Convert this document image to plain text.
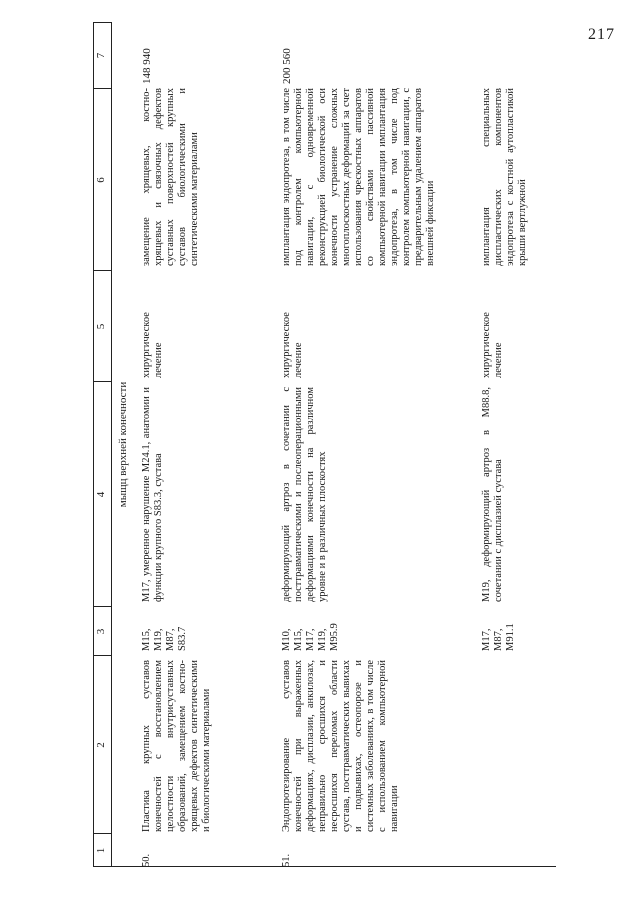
217
1
2
3
4
5
6
7
мыщц верхней конечности
50.
Пластика крупных суставов конечностей с восстановлением целостности внутрисуставных образований, замещением костно-хрящевых дефектов синтетическими и биологическими материалами
M15, M19, M87, S83.7
M17, умеренное нарушение M24.1, анатомии и функции крупного S83.3, сустава
хирургическое лечение
замещение хрящевых, костно-хрящевых и связочных дефектов суставных поверхностей крупных суставов биологическими и синтетическими материалами
148 940
51.
Эндопротезирование суставов конечностей при выраженных деформациях, дисплазии, анкилозах, неправильно сросшихся и несросшихся переломах области сустава, посттравматических вывихах и подвывихах, остеопорозе и системных заболеваниях, в том числе с использованием компьютерной навигации
M10, M15, M17, M19, M95.9
деформирующий артроз в сочетании с посттравматическими и послеоперационными деформациями конечности на различном уровне и в различных плоскостях
хирургическое лечение
имплантация эндопротеза, в том числе под контролем компьютерной навигации, с одновременной реконструкцией биологической оси конечности устранение сложных многоплоскостных деформаций за счет использования чрескостных аппаратов со свойствами пассивной компьютерной навигации имплантация эндопротеза, в том числе под контролем компьютерной навигации, с предварительным удалением аппаратов внешней фиксации
200 560
M17, M87, M91.1
M19, деформирующий артроз в M88.8, сочетании с дисплазией сустава
хирургическое лечение
имплантация специальных диспластических компонентов эндопротеза с костной аутопластикой крыши вертлужной
